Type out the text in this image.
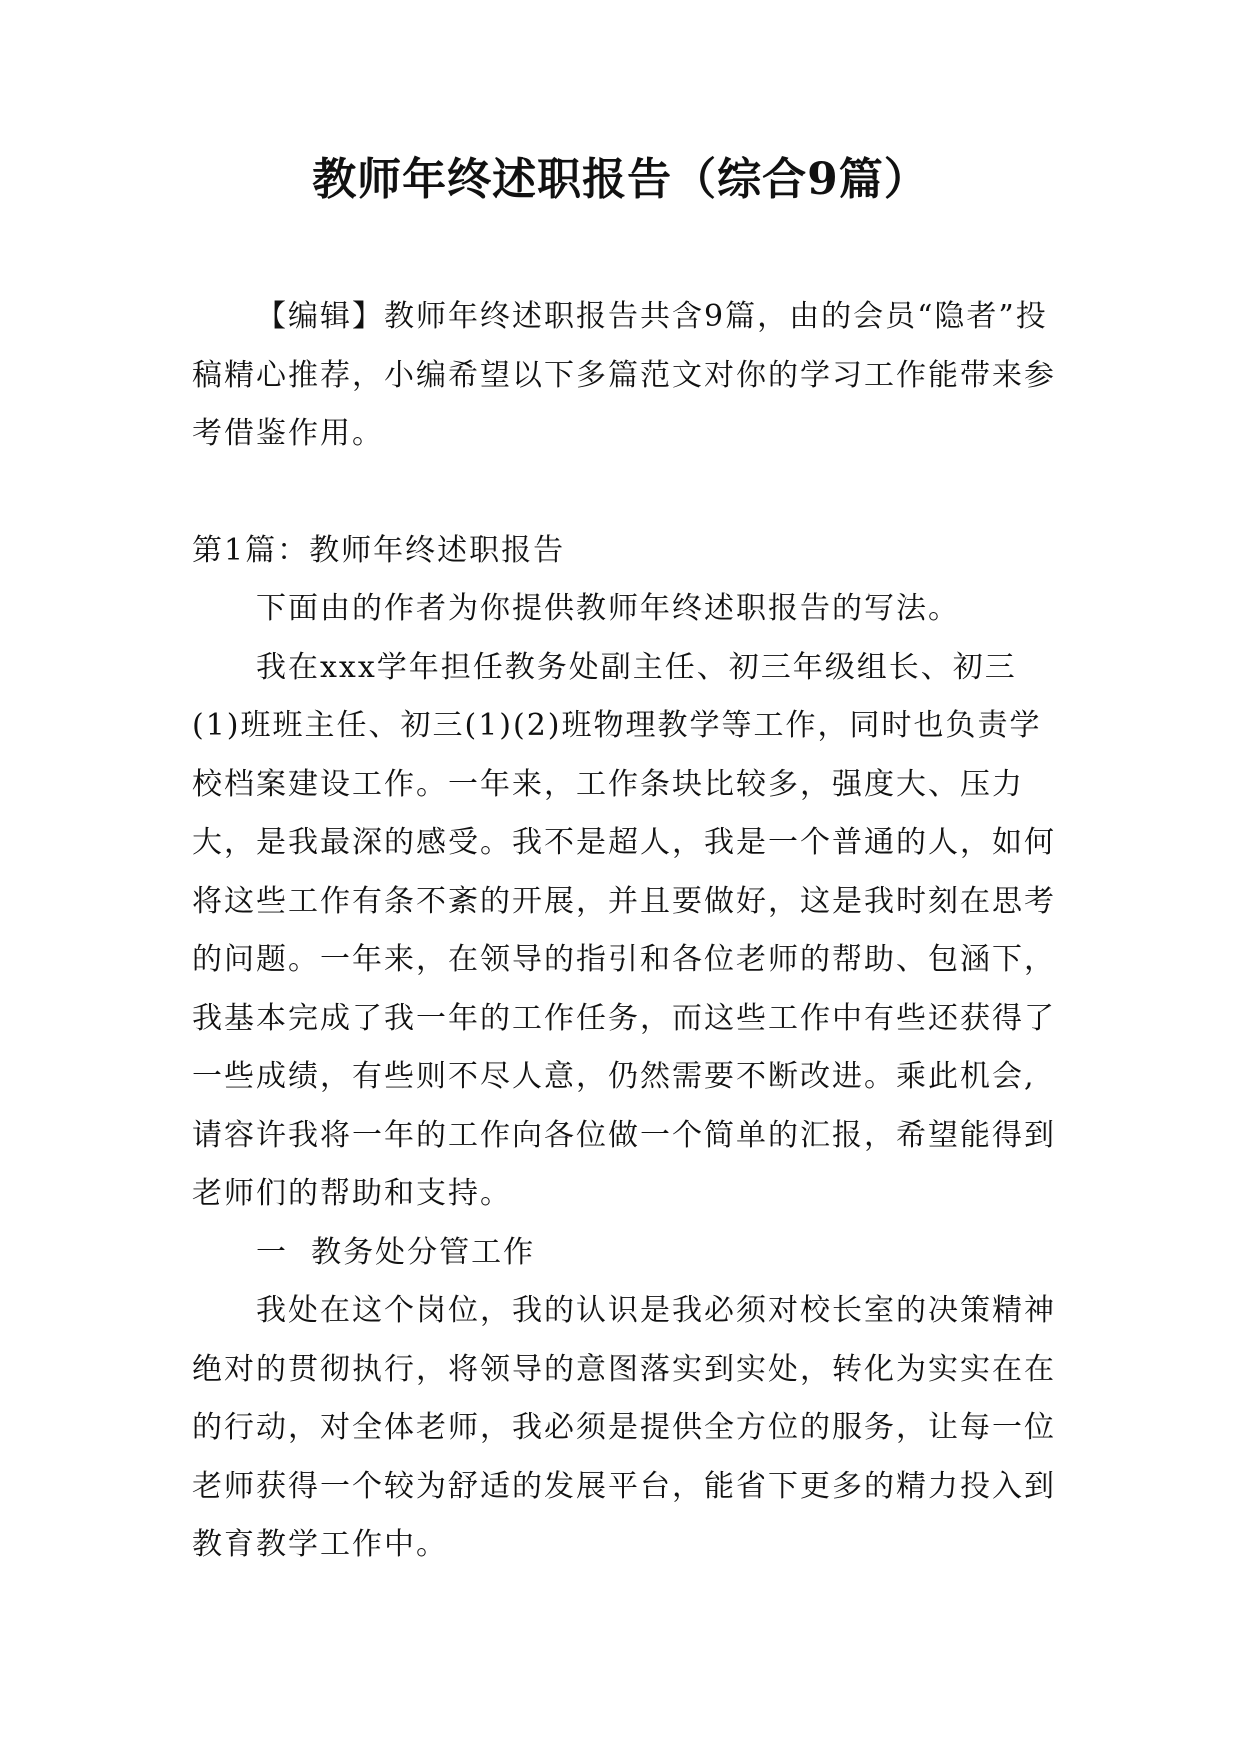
教师年终述职报告（综合9篇）

【编辑】教师年终述职报告共含9篇，由的会员“隐者”投稿精心推荐，小编希望以下多篇范文对你的学习工作能带来参考借鉴作用。

第1篇：教师年终述职报告

下面由的作者为你提供教师年终述职报告的写法。

我在xxx学年担任教务处副主任、初三年级组长、初三(1)班班主任、初三(1)(2)班物理教学等工作，同时也负责学校档案建设工作。一年来，工作条块比较多，强度大、压力大，是我最深的感受。我不是超人，我是一个普通的人，如何将这些工作有条不紊的开展，并且要做好，这是我时刻在思考的问题。一年来，在领导的指引和各位老师的帮助、包涵下，我基本完成了我一年的工作任务，而这些工作中有些还获得了一些成绩，有些则不尽人意，仍然需要不断改进。乘此机会,请容许我将一年的工作向各位做一个简单的汇报，希望能得到老师们的帮助和支持。

一  教务处分管工作

我处在这个岗位，我的认识是我必须对校长室的决策精神绝对的贯彻执行，将领导的意图落实到实处，转化为实实在在的行动，对全体老师，我必须是提供全方位的服务，让每一位老师获得一个较为舒适的发展平台，能省下更多的精力投入到教育教学工作中。
